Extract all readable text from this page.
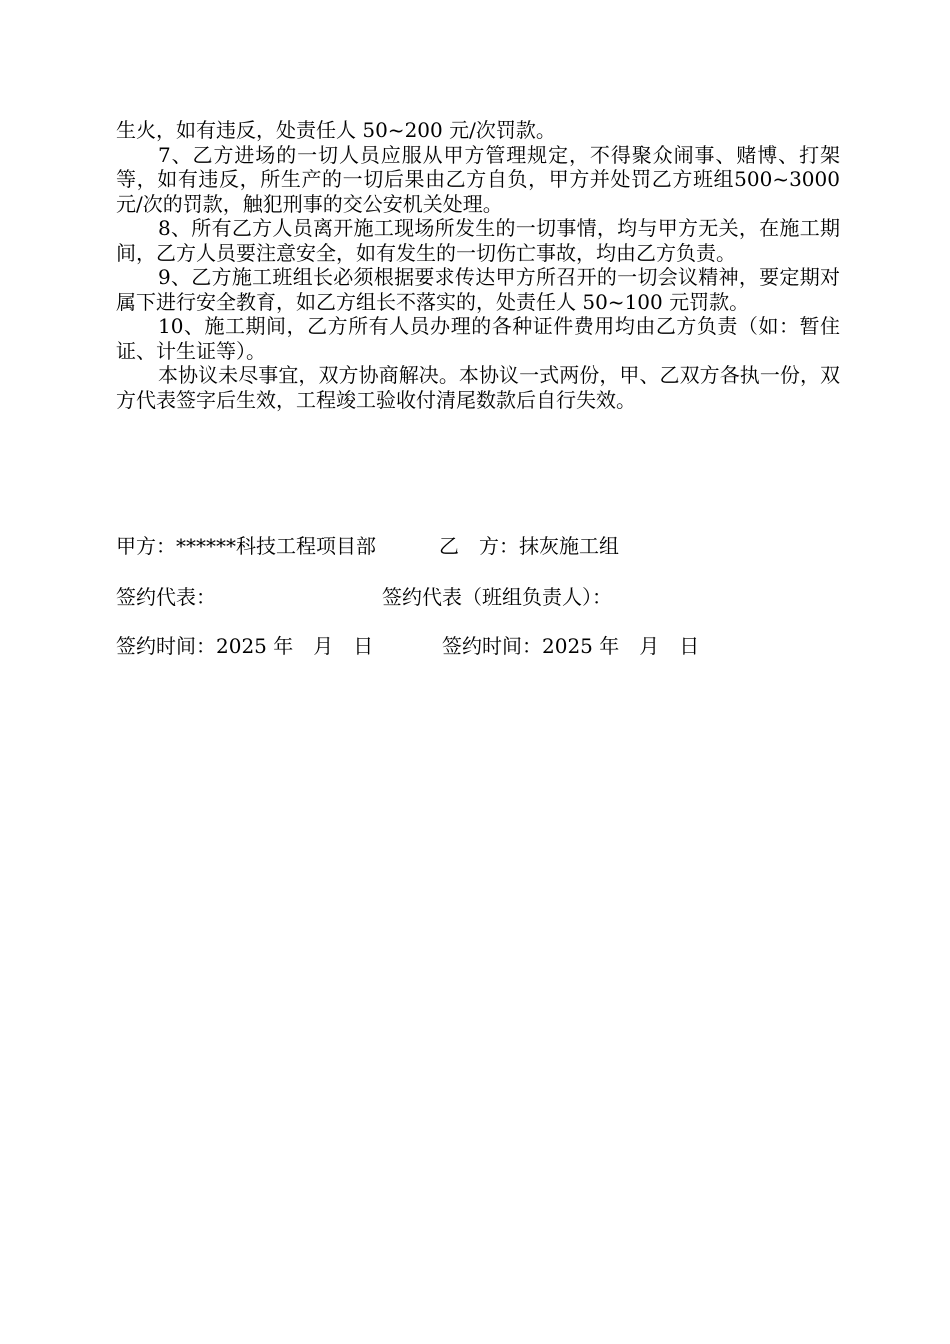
生火，如有违反，处责任人 50~200 元/次罚款。

7、乙方进场的一切人员应服从甲方管理规定，不得聚众闹事、赌博、打架等，如有违反，所生产的一切后果由乙方自负，甲方并处罚乙方班组500~3000 元/次的罚款，触犯刑事的交公安机关处理。

8、所有乙方人员离开施工现场所发生的一切事情，均与甲方无关，在施工期间，乙方人员要注意安全，如有发生的一切伤亡事故，均由乙方负责。

9、乙方施工班组长必须根据要求传达甲方所召开的一切会议精神，要定期对属下进行安全教育，如乙方组长不落实的，处责任人 50~100 元罚款。

10、施工期间，乙方所有人员办理的各种证件费用均由乙方负责（如：暂住证、计生证等）。

本协议未尽事宜，双方协商解决。本协议一式两份，甲、乙双方各执一份，双方代表签字后生效，工程竣工验收付清尾数款后自行失效。

甲方：******科技工程项目部	乙　方：抹灰施工组
签约代表：	签约代表（班组负责人）：
签约时间：2025 年　月　日	签约时间：2025 年　月　日
